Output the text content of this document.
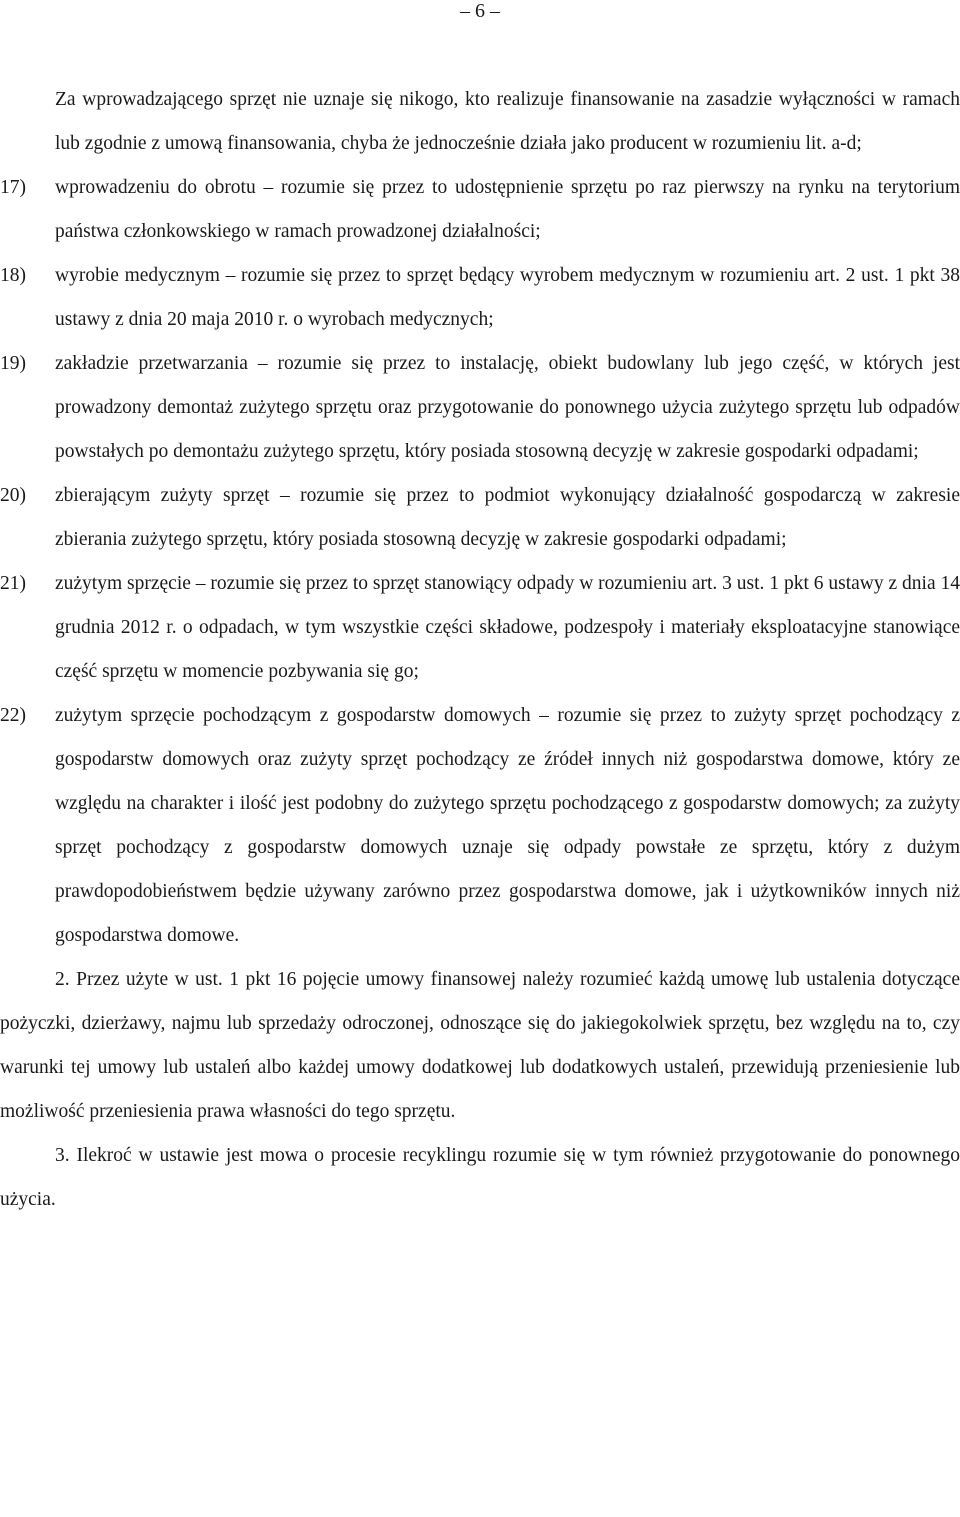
– 6 –

Za wprowadzającego sprzęt nie uznaje się nikogo, kto realizuje finansowanie na zasadzie wyłączności w ramach lub zgodnie z umową finansowania, chyba że jednocześnie działa jako producent w rozumieniu lit. a-d;

17)	wprowadzeniu do obrotu – rozumie się przez to udostępnienie sprzętu po raz pierwszy na rynku na terytorium państwa członkowskiego w ramach prowadzonej działalności;
18)	wyrobie medycznym – rozumie się przez to sprzęt będący wyrobem medycznym w rozumieniu art. 2 ust. 1 pkt 38 ustawy z dnia 20 maja 2010 r. o wyrobach medycznych;
19)	zakładzie przetwarzania – rozumie się przez to instalację, obiekt budowlany lub jego część, w których jest prowadzony demontaż zużytego sprzętu oraz przygotowanie do ponownego użycia zużytego sprzętu lub odpadów powstałych po demontażu zużytego sprzętu, który posiada stosowną decyzję w zakresie gospodarki odpadami;
20)	zbierającym zużyty sprzęt – rozumie się przez to podmiot wykonujący działalność gospodarczą w zakresie zbierania zużytego sprzętu, który posiada stosowną decyzję w zakresie gospodarki odpadami;
21)	zużytym sprzęcie – rozumie się przez to sprzęt stanowiący odpady w rozumieniu art. 3 ust. 1 pkt 6 ustawy z dnia 14 grudnia 2012 r. o odpadach, w tym wszystkie części składowe, podzespoły i materiały eksploatacyjne stanowiące część sprzętu w momencie pozbywania się go;
22)	zużytym sprzęcie pochodzącym z gospodarstw domowych – rozumie się przez to zużyty sprzęt pochodzący z gospodarstw domowych oraz zużyty sprzęt pochodzący ze źródeł innych niż gospodarstwa domowe, który ze względu na charakter i ilość jest podobny do zużytego sprzętu pochodzącego z gospodarstw domowych; za zużyty sprzęt pochodzący z gospodarstw domowych uznaje się odpady powstałe ze sprzętu, który z dużym prawdopodobieństwem będzie używany zarówno przez gospodarstwa domowe, jak i użytkowników innych niż gospodarstwa domowe.

2. Przez użyte w ust. 1 pkt 16 pojęcie umowy finansowej należy rozumieć każdą umowę lub ustalenia dotyczące pożyczki, dzierżawy, najmu lub sprzedaży odroczonej, odnoszące się do jakiegokolwiek sprzętu, bez względu na to, czy warunki tej umowy lub ustaleń albo każdej umowy dodatkowej lub dodatkowych ustaleń, przewidują przeniesienie lub możliwość przeniesienia prawa własności do tego sprzętu.

3. Ilekroć w ustawie jest mowa o procesie recyklingu rozumie się w tym również przygotowanie do ponownego użycia.
